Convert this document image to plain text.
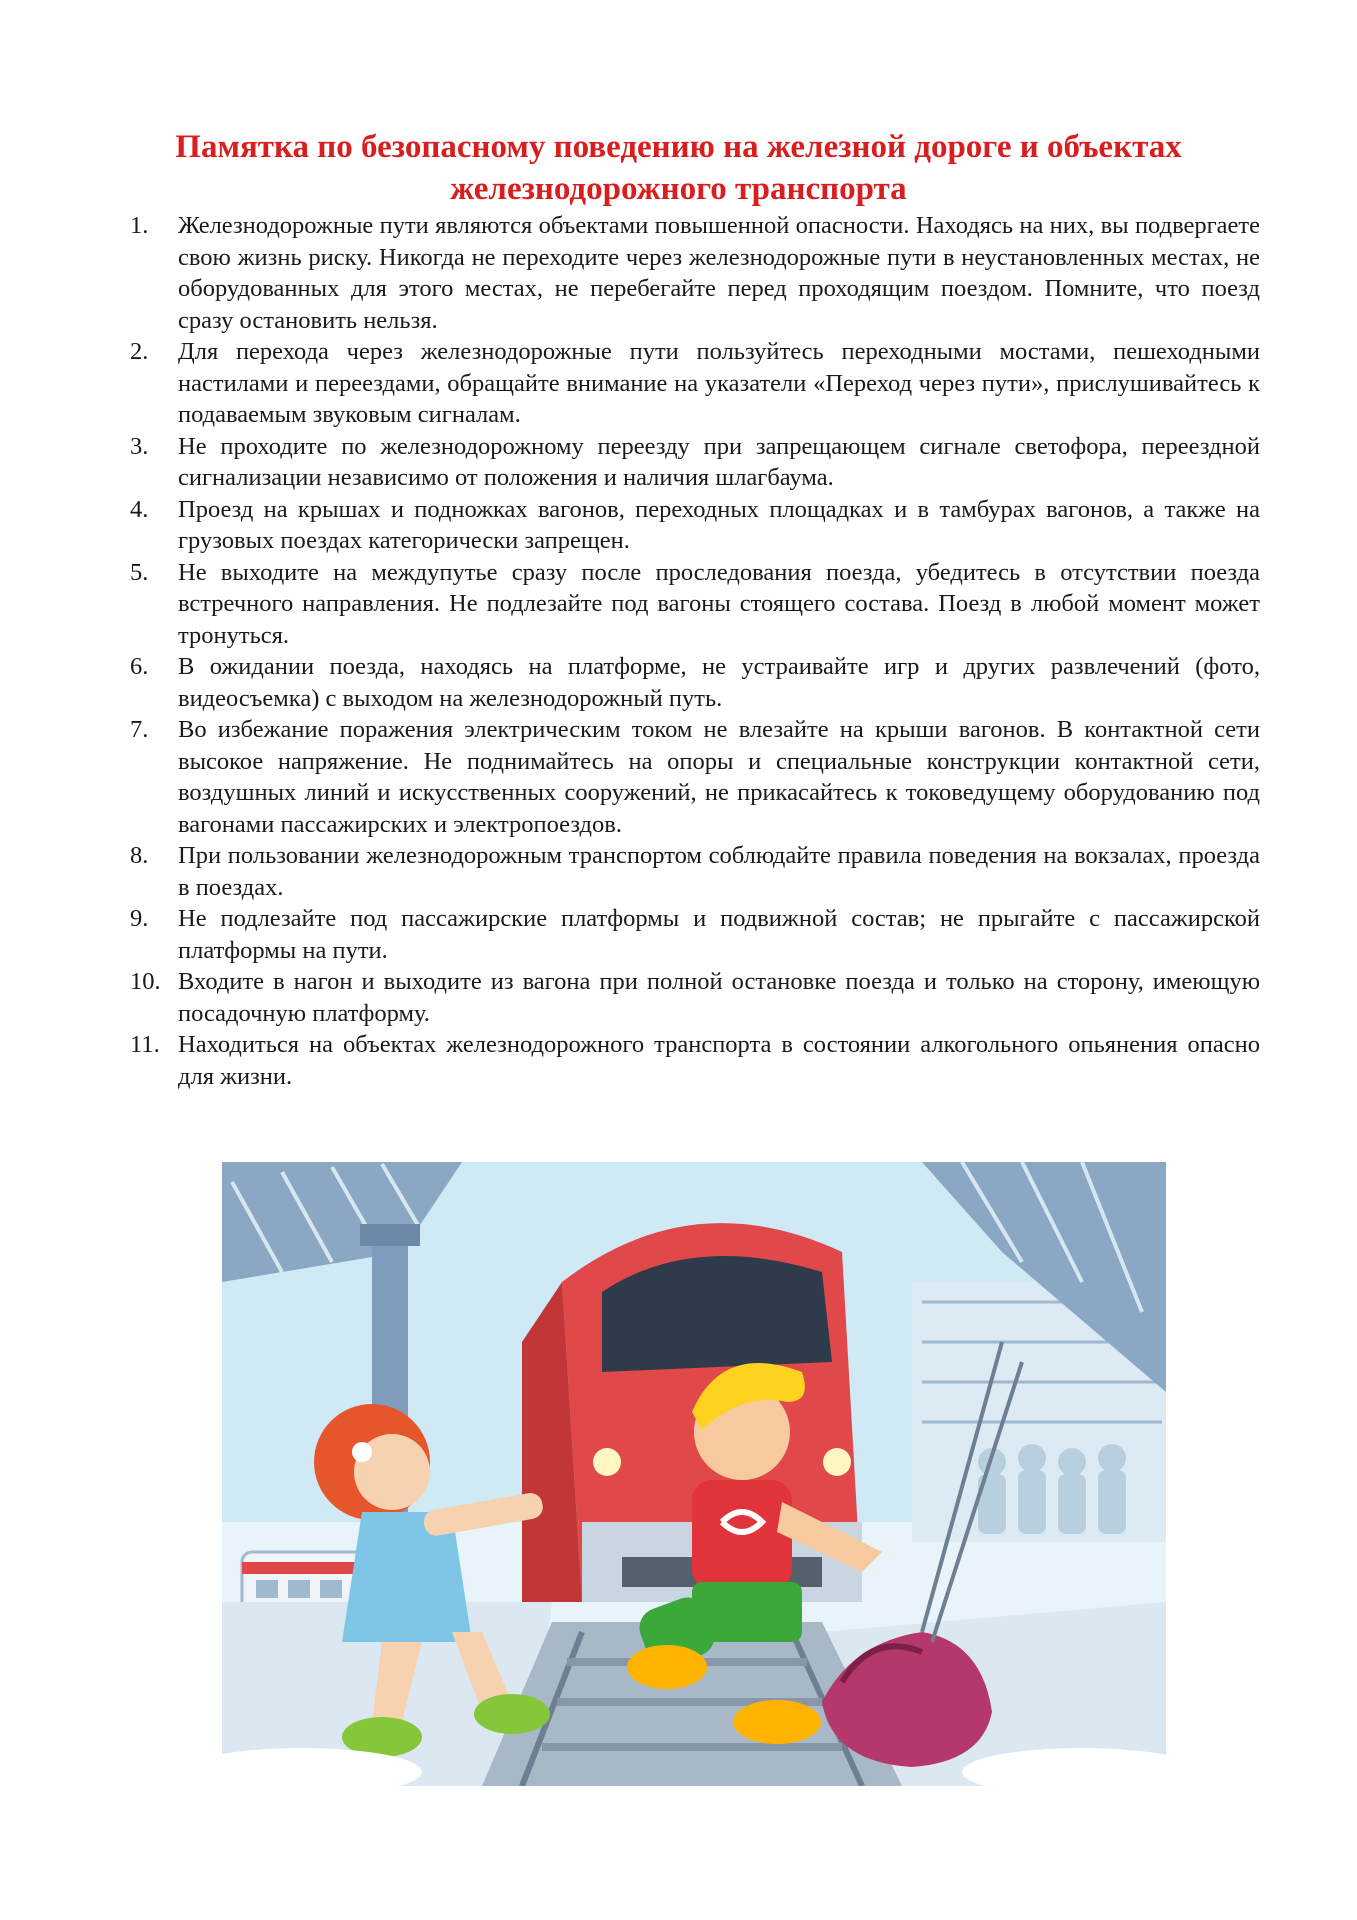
Памятка по безопасному поведению на железной дороге и объектах
железнодорожного транспорта
1.	Железнодорожные пути являются объектами повышенной опасности. Находясь на них, вы подвергаете свою жизнь риску. Никогда не переходите через железнодорожные пути в неустановленных местах, не оборудованных для этого местах, не перебегайте перед проходящим поездом. Помните, что поезд сразу остановить нельзя.
2.	Для перехода через железнодорожные пути пользуйтесь переходными мостами, пешеходными настилами и переездами, обращайте внимание на указатели «Переход через пути», прислушивайтесь к подаваемым звуковым сигналам.
3.	Не проходите по железнодорожному переезду при запрещающем сигнале светофора, переездной сигнализации независимо от положения и наличия шлагбаума.
4.	Проезд на крышах и подножках вагонов, переходных площадках и в тамбурах вагонов, а также на грузовых поездах категорически запрещен.
5.	Не выходите на междупутье сразу после проследования поезда, убедитесь в отсутствии поезда встречного направления. Не подлезайте под вагоны стоящего состава. Поезд в любой момент может тронуться.
6.	В ожидании поезда, находясь на платформе, не устраивайте игр и других развлечений (фото, видеосъемка) с выходом на железнодорожный путь.
7.	Во избежание поражения электрическим током не влезайте на крыши вагонов. В контактной сети высокое напряжение. Не поднимайтесь на опоры и специальные конструкции контактной сети, воздушных линий и искусственных сооружений, не прикасайтесь к токоведущему оборудованию под вагонами пассажирских и электропоездов.
8.	При пользовании железнодорожным транспортом соблюдайте правила поведения на вокзалах, проезда в поездах.
9.	Не подлезайте под пассажирские платформы и подвижной состав; не прыгайте с пассажирской платформы на пути.
10. Входите в нагон и выходите из вагона при полной остановке поезда и только на сторону, имеющую посадочную платформу.
11. Находиться на объектах железнодорожного транспорта в состоянии алкогольного опьянения опасно для жизни.
